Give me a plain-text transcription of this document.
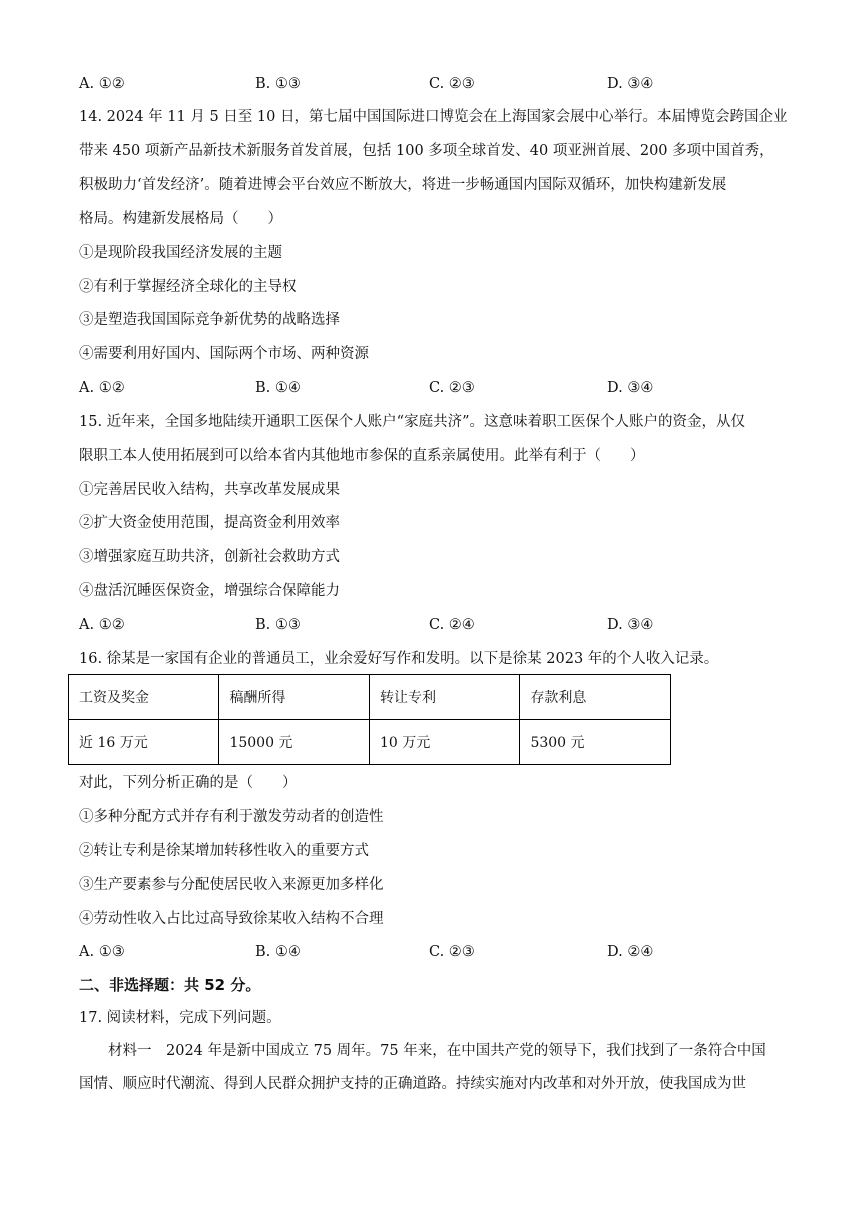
A. ①②	B. ①③	C. ②③	D. ③④
14. 2024 年 11 月 5 日至 10 日，第七届中国国际进口博览会在上海国家会展中心举行。本届博览会跨国企业
带来 450 项新产品新技术新服务首发首展，包括 100 多项全球首发、40 项亚洲首展、200 多项中国首秀，
积极助力‘首发经济’。随着进博会平台效应不断放大，将进一步畅通国内国际双循环，加快构建新发展
格局。构建新发展格局（　　）
①是现阶段我国经济发展的主题
②有利于掌握经济全球化的主导权
③是塑造我国国际竞争新优势的战略选择
④需要利用好国内、国际两个市场、两种资源
A. ①②	B. ①④	C. ②③	D. ③④
15. 近年来，全国多地陆续开通职工医保个人账户“家庭共济”。这意味着职工医保个人账户的资金，从仅
限职工本人使用拓展到可以给本省内其他地市参保的直系亲属使用。此举有利于（　　）
①完善居民收入结构，共享改革发展成果
②扩大资金使用范围，提高资金利用效率
③增强家庭互助共济，创新社会救助方式
④盘活沉睡医保资金，增强综合保障能力
A. ①②	B. ①③	C. ②④	D. ③④
16. 徐某是一家国有企业的普通员工，业余爱好写作和发明。以下是徐某 2023 年的个人收入记录。
工资及奖金	稿酬所得	转让专利	存款利息
近 16 万元	15000 元	10 万元	5300 元
对此，下列分析正确的是（　　）
①多种分配方式并存有利于激发劳动者的创造性
②转让专利是徐某增加转移性收入的重要方式
③生产要素参与分配使居民收入来源更加多样化
④劳动性收入占比过高导致徐某收入结构不合理
A. ①③	B. ①④	C. ②③	D. ②④
二、非选择题：共 52 分。
17. 阅读材料，完成下列问题。
材料一　2024 年是新中国成立 75 周年。75 年来，在中国共产党的领导下，我们找到了一条符合中国
国情、顺应时代潮流、得到人民群众拥护支持的正确道路。持续实施对内改革和对外开放，使我国成为世
